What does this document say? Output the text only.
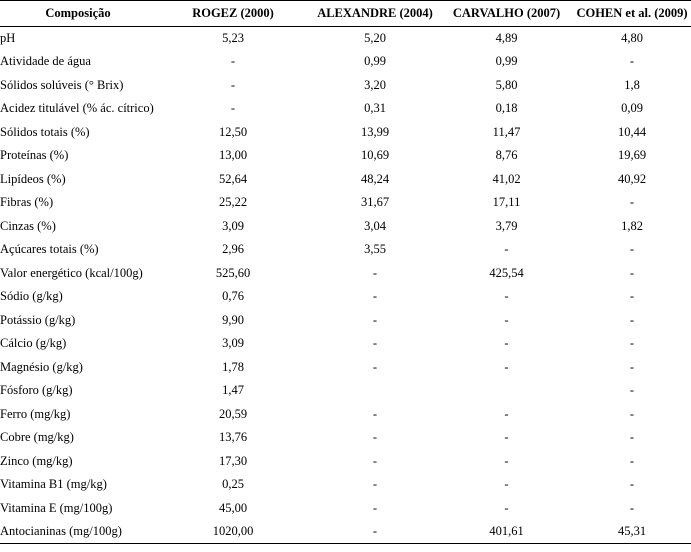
Composição	ROGEZ (2000)	ALEXANDRE (2004)	CARVALHO (2007)	COHEN et al. (2009)
pH	5,23	5,20	4,89	4,80
Atividade de água	-	0,99	0,99	-
Sólidos solúveis (° Brix)	-	3,20	5,80	1,8
Acidez titulável (% ác. cítrico)	-	0,31	0,18	0,09
Sólidos totais (%)	12,50	13,99	11,47	10,44
Proteínas (%)	13,00	10,69	8,76	19,69
Lipídeos (%)	52,64	48,24	41,02	40,92
Fibras (%)	25,22	31,67	17,11	-
Cinzas (%)	3,09	3,04	3,79	1,82
Açúcares totais (%)	2,96	3,55	-	-
Valor energético (kcal/100g)	525,60	-	425,54	-
Sódio (g/kg)	0,76	-	-	-
Potássio (g/kg)	9,90	-	-	-
Cálcio (g/kg)	3,09	-	-	-
Magnésio (g/kg)	1,78	-	-	-
Fósforo (g/kg)	1,47			-
Ferro (mg/kg)	20,59	-	-	-
Cobre (mg/kg)	13,76	-	-	-
Zinco (mg/kg)	17,30	-	-	-
Vitamina B1 (mg/kg)	0,25	-	-	-
Vitamina E (mg/100g)	45,00	-	-	-
Antocianinas (mg/100g)	1020,00	-	401,61	45,31
